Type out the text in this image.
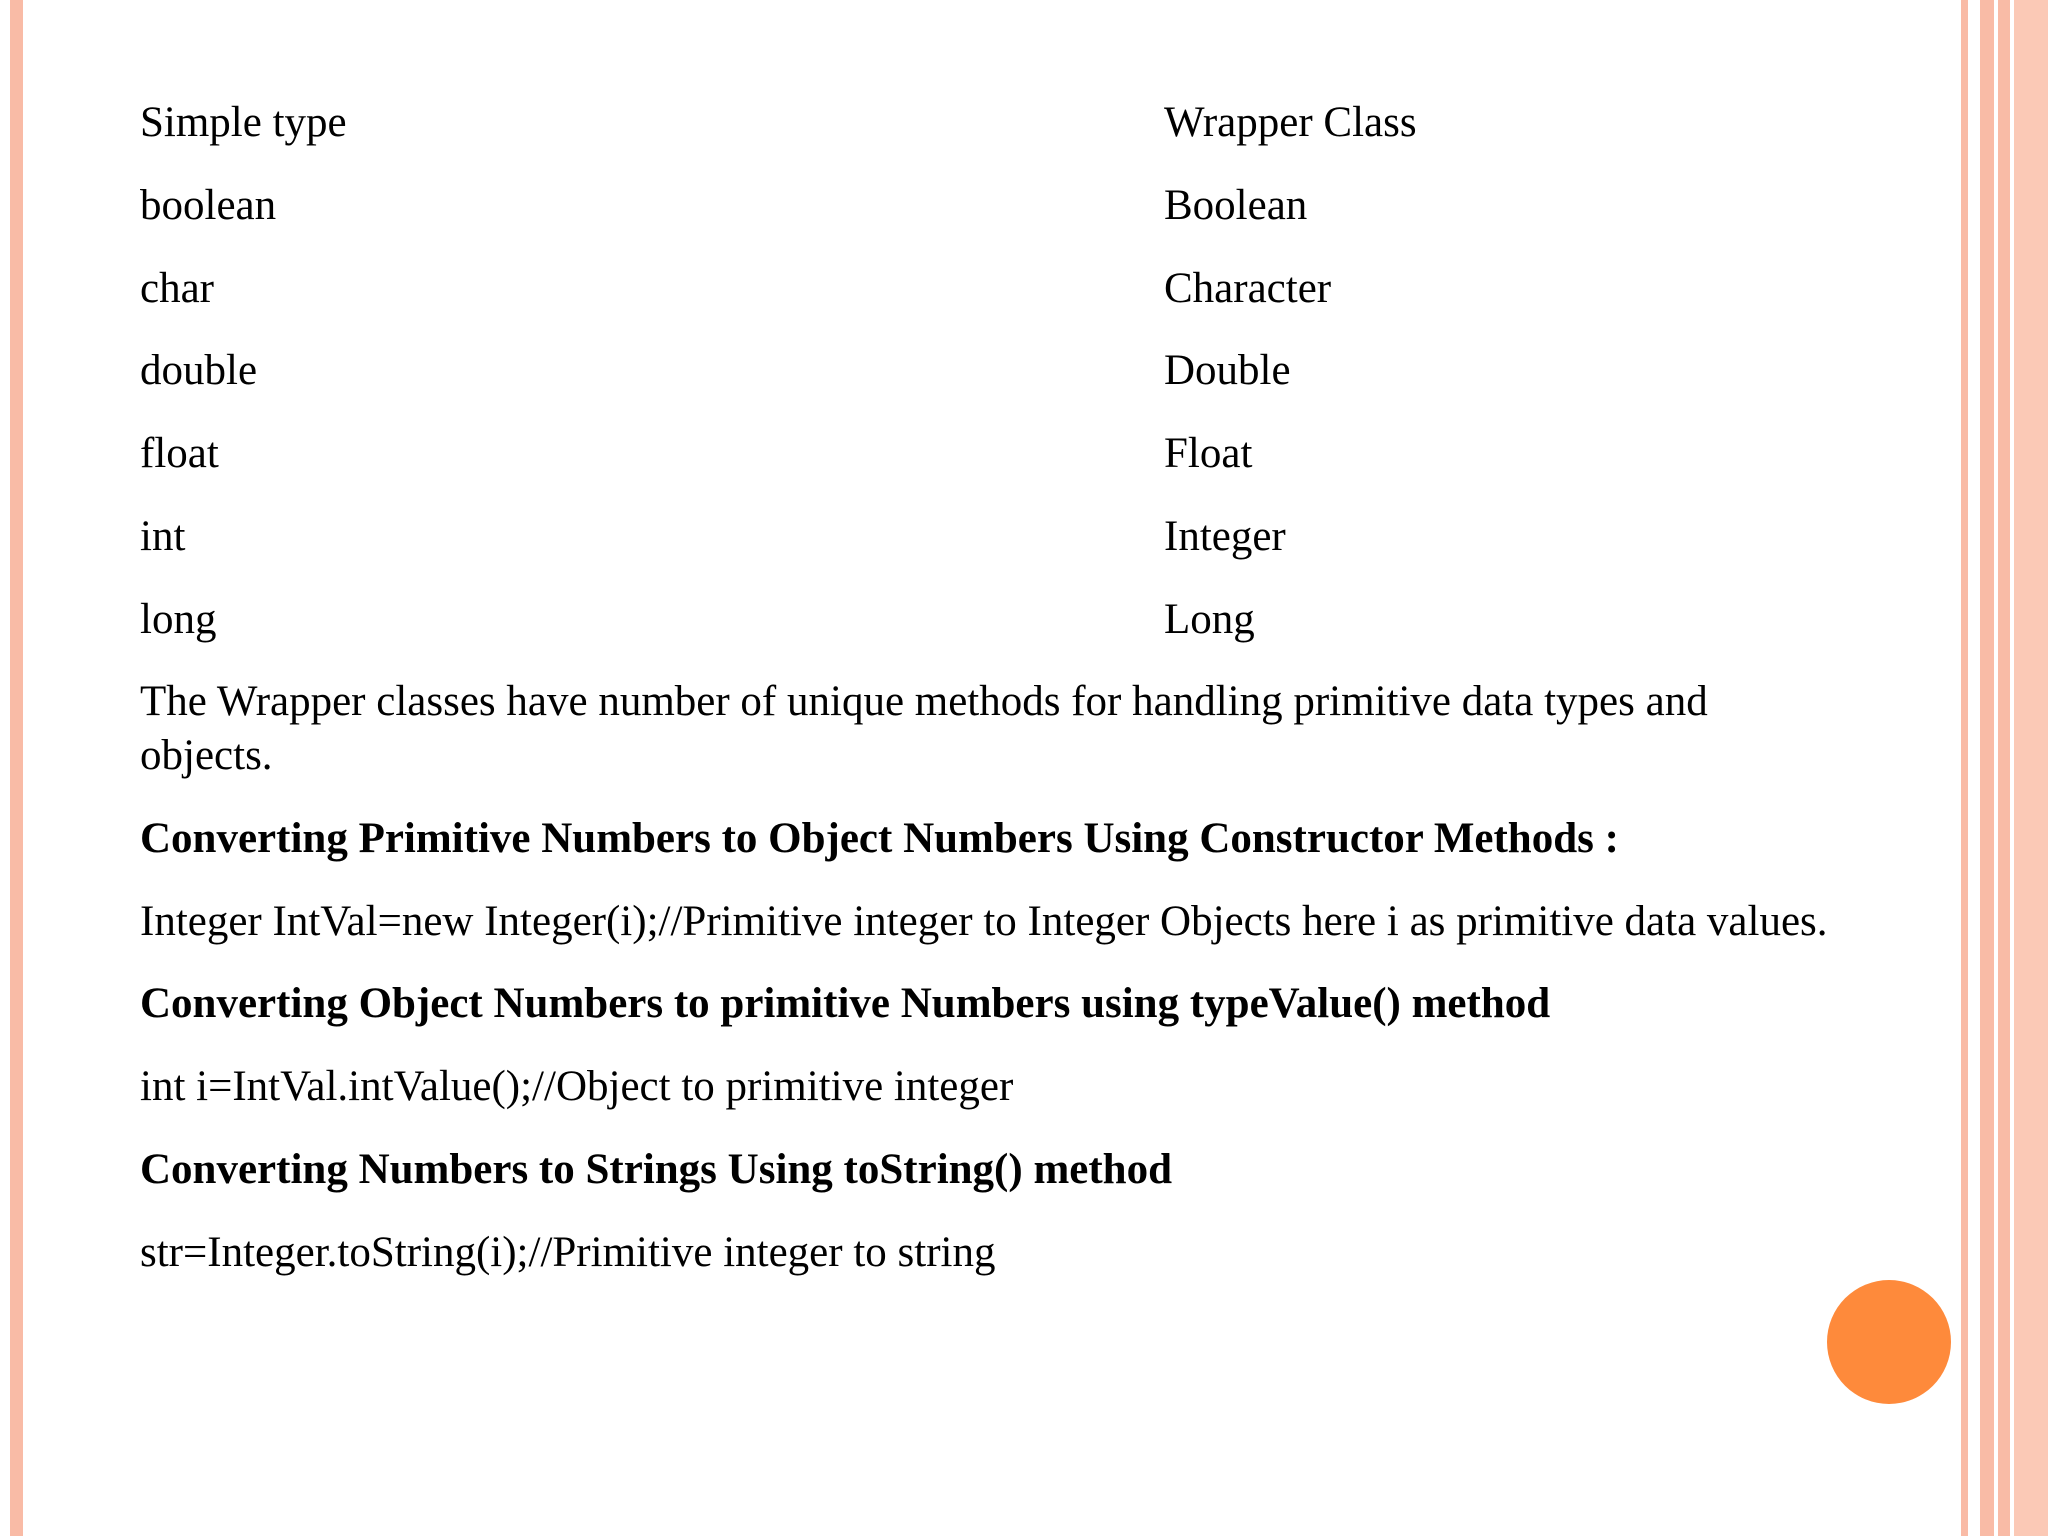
Simple type	Wrapper Class
boolean	Boolean
char	Character
double	Double
float	Float
int	Integer
long	Long
The Wrapper classes have number of unique methods for handling primitive data types and objects.
Converting Primitive Numbers to Object Numbers Using Constructor Methods :
Integer IntVal=new Integer(i);//Primitive integer to Integer Objects here i as primitive data values.
Converting Object Numbers to primitive Numbers using typeValue() method
int i=IntVal.intValue();//Object to primitive integer
Converting Numbers to Strings Using toString() method
str=Integer.toString(i);//Primitive integer to string
